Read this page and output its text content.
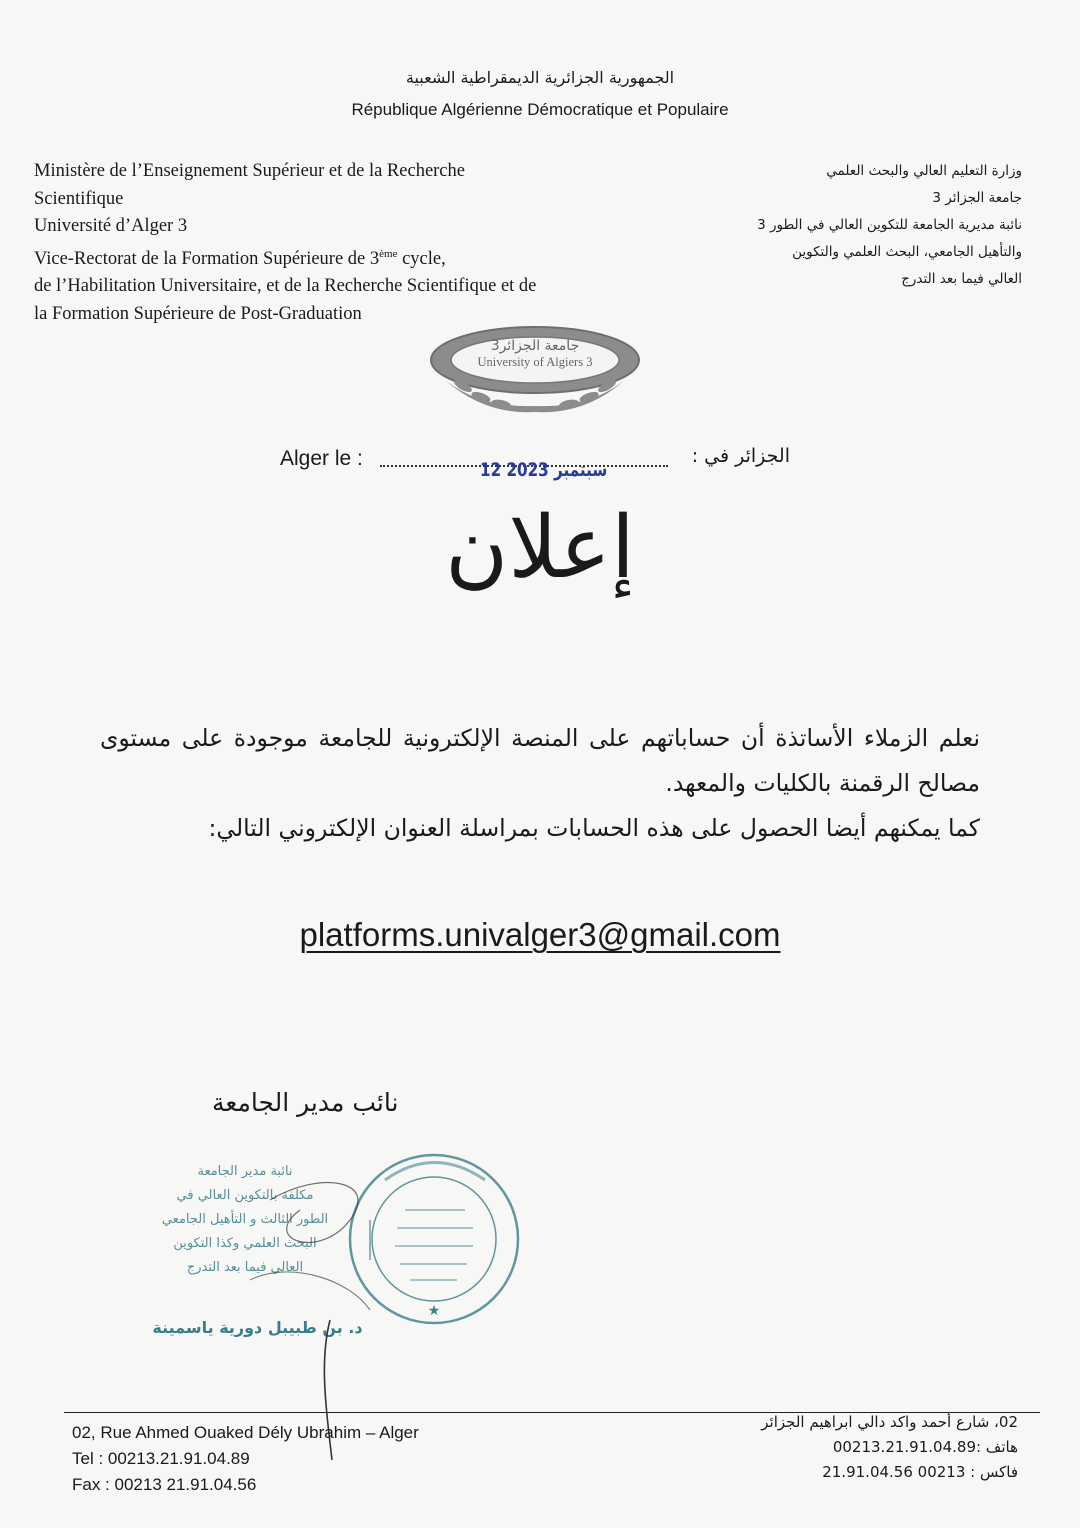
الجمهورية الجزائرية الديمقراطية الشعبية
République Algérienne Démocratique et Populaire
Ministère de l’Enseignement Supérieur et de la Recherche
Scientifique
Université d’Alger 3
Vice-Rectorat de la Formation Supérieure de 3ème cycle,
de l’Habilitation Universitaire, et de la Recherche Scientifique et de
la Formation Supérieure de Post-Graduation
وزارة التعليم العالي والبحث العلمي
جامعة الجزائر 3
نائبة مديرية الجامعة للتكوين العالي في الطور 3
والتأهيل الجامعي، البحث العلمي والتكوين
العالي فيما بعد التدرج
جامعة الجزائر3
University of Algiers 3
Alger le :	12 سبتمبر 2023
الجزائر في :
إعلان
نعلم الزملاء الأساتذة أن حساباتهم على المنصة الإلكترونية للجامعة موجودة على مستوى
مصالح الرقمنة بالكليات والمعهد.
كما يمكنهم أيضا الحصول على هذه الحسابات بمراسلة العنوان الإلكتروني التالي:
platforms.univalger3@gmail.com
نائب مدير الجامعة
نائبة مدير الجامعة
مكلفة بالتكوين العالي في
الطور الثالث و التأهيل الجامعي
البحث العلمي وكذا التكوين
العالي فيما بعد التدرج
د. بن طبيبل دورية ياسمينة
★
02, Rue Ahmed Ouaked Dély Ubrahim – Alger
Tel : 00213.21.91.04.89
Fax : 00213 21.91.04.56
02، شارع أحمد واكد دالي ابراهيم الجزائر
هاتف :00213.21.91.04.89
فاكس : 00213 21.91.04.56
